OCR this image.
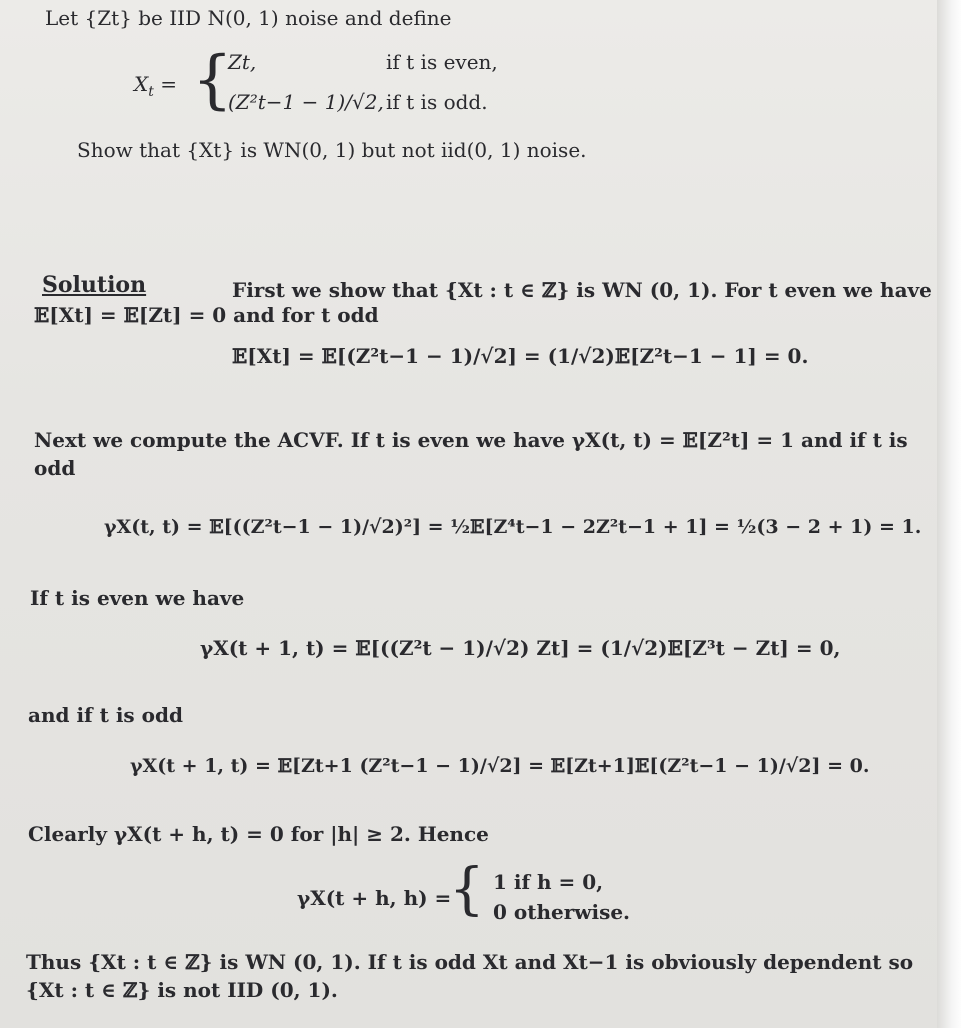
Let {Zt} be IID N(0, 1) noise and define
$X_t$ = {
Zt,	if t is even,
(Z²t−1 − 1)/√2, if t is odd.
Show that {Xt} is WN(0, 1) but not iid(0, 1) noise.
Solution	First we show that {Xt : t ∈ ℤ} is WN (0, 1). For t even we have
𝔼[Xt] = 𝔼[Zt] = 0 and for t odd
𝔼[Xt] = 𝔼[(Z²t−1 − 1)/√2] = (1/√2)𝔼[Z²t−1 − 1] = 0.
Next we compute the ACVF. If t is even we have γX(t, t) = 𝔼[Z²t] = 1 and if t is
odd
γX(t, t) = 𝔼[((Z²t−1 − 1)/√2)²] = ½𝔼[Z⁴t−1 − 2Z²t−1 + 1] = ½(3 − 2 + 1) = 1.
If t is even we have
γX(t + 1, t) = 𝔼[((Z²t − 1)/√2) Zt] = (1/√2)𝔼[Z³t − Zt] = 0,
and if t is odd
γX(t + 1, t) = 𝔼[Zt+1 (Z²t−1 − 1)/√2] = 𝔼[Zt+1]𝔼[(Z²t−1 − 1)/√2] = 0.
Clearly γX(t + h, t) = 0 for |h| ≥ 2. Hence
γX(t + h, h) =
{ 1 if h = 0,
0 otherwise.
Thus {Xt : t ∈ ℤ} is WN (0, 1). If t is odd Xt and Xt−1 is obviously dependent so
{Xt : t ∈ ℤ} is not IID (0, 1).
